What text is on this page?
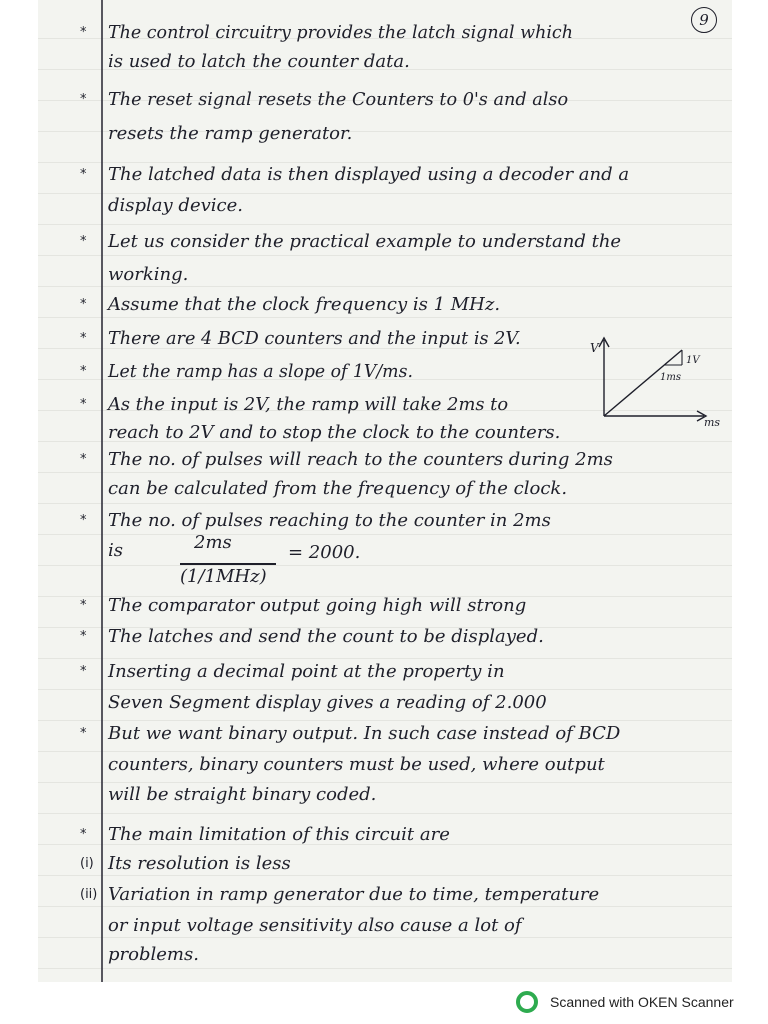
9
* The control circuitry provides the latch signal which
is used to latch the counter data.
* The reset signal resets the Counters to 0's and also
resets the ramp generator.
* The latched data is then displayed using a decoder and a
display device.
* Let us consider the practical example to understand the
working.
* Assume that the clock frequency is 1 MHz.
* There are 4 BCD counters and the input is 2V.
* Let the ramp has a slope of 1V/ms.
* As the input is 2V, the ramp will take 2ms to
reach to 2V and to stop the clock to the counters.
* The no. of pulses will reach to the counters during 2ms
can be calculated from the frequency of the clock.
* The no. of pulses reaching to the counter in 2ms
is
* The comparator output going high will strong
* The latches and send the count to be displayed.
* Inserting a decimal point at the property in
Seven Segment display gives a reading of 2.000
* But we want binary output. In such case instead of BCD
counters, binary counters must be used, where output
will be straight binary coded.
* The main limitation of this circuit are
(i) Its resolution is less
(ii) Variation in ramp generator due to time, temperature
or input voltage sensitivity also cause a lot of
problems.
2ms
(1/1MHz)
= 2000.
V
ms
1V
1ms
Scanned with OKEN Scanner
